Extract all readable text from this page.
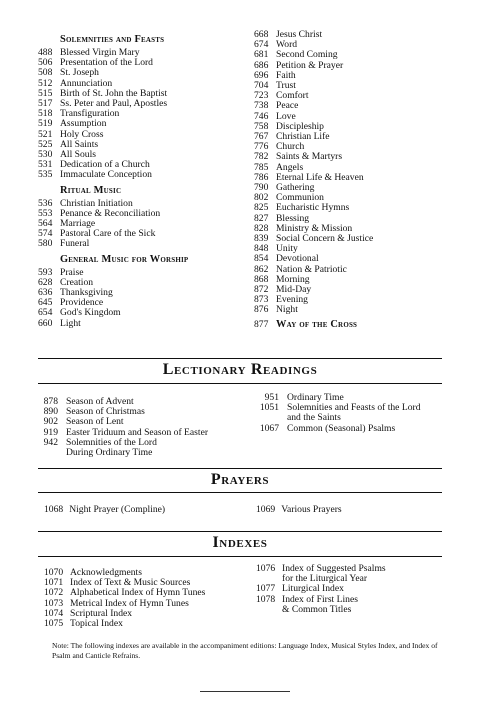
Solemnities and Feasts
488 Blessed Virgin Mary
506 Presentation of the Lord
508 St. Joseph
512 Annunciation
515 Birth of St. John the Baptist
517 Ss. Peter and Paul, Apostles
518 Transfiguration
519 Assumption
521 Holy Cross
525 All Saints
530 All Souls
531 Dedication of a Church
535 Immaculate Conception
Ritual Music
536 Christian Initiation
553 Penance & Reconciliation
564 Marriage
574 Pastoral Care of the Sick
580 Funeral
General Music for Worship
593 Praise
628 Creation
636 Thanksgiving
645 Providence
654 God's Kingdom
660 Light
668 Jesus Christ
674 Word
681 Second Coming
686 Petition & Prayer
696 Faith
704 Trust
723 Comfort
738 Peace
746 Love
758 Discipleship
767 Christian Life
776 Church
782 Saints & Martyrs
785 Angels
786 Eternal Life & Heaven
790 Gathering
802 Communion
825 Eucharistic Hymns
827 Blessing
828 Ministry & Mission
839 Social Concern & Justice
848 Unity
854 Devotional
862 Nation & Patriotic
868 Morning
872 Mid-Day
873 Evening
876 Night
877 Way of the Cross
Lectionary Readings
878 Season of Advent
890 Season of Christmas
902 Season of Lent
919 Easter Triduum and Season of Easter
942 Solemnities of the Lord
During Ordinary Time
951 Ordinary Time
1051 Solemnities and Feasts of the Lord
and the Saints
1067 Common (Seasonal) Psalms
Prayers
1068 Night Prayer (Compline)	1069 Various Prayers
Indexes
1070 Acknowledgments
1071 Index of Text & Music Sources
1072 Alphabetical Index of Hymn Tunes
1073 Metrical Index of Hymn Tunes
1074 Scriptural Index
1075 Topical Index
1076 Index of Suggested Psalms
for the Liturgical Year
1077 Liturgical Index
1078 Index of First Lines
& Common Titles
Note: The following indexes are available in the accompaniment editions: Language Index, Musical Styles Index, and Index of Psalm and Canticle Refrains.
